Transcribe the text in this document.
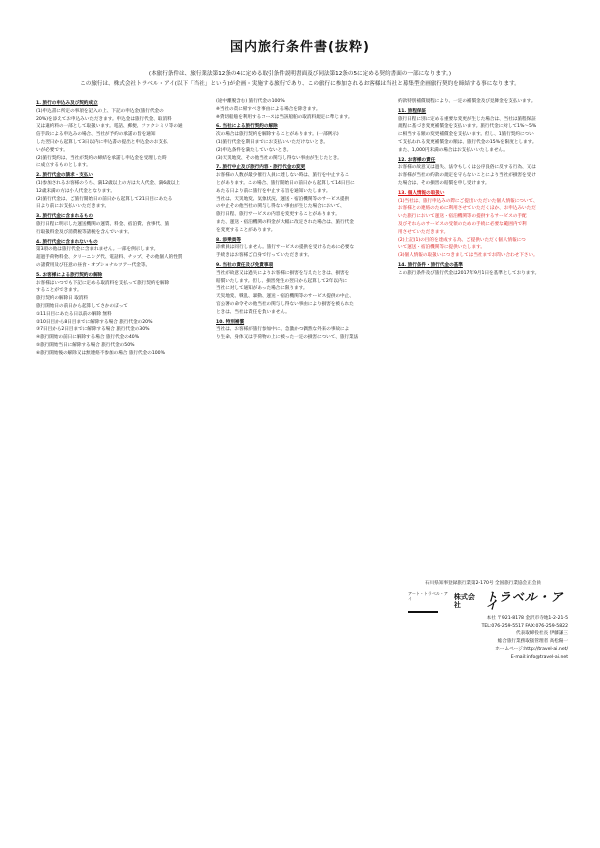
国内旅行条件書(抜粋)
(本旅行条件は、旅行業法第12条の4に定める取引条件説明書面及び同法第12条の5に定める契約書面の一部になります。)
この旅行は、株式会社トラベル・アイ(以下「当社」という)が企画・実施する旅行であり、この旅行に参加されるお客様は当社と募集型企画旅行契約を締結する事になります。
1. 旅行の申込み及び契約成立
(1)申込書に所定の事項を記入の上、下記の申込金(旅行代金の
20%)を添えてお申込みいただきます。申込金は旅行代金、取消料
又は違約料の一部として取扱います。電話、郵便、ファクシミリ等の通
信手段による申込みの場合、当社が予約の承諾の旨を通知
した翌日から起算して3日以内に申込書の提出と申込金のお支払
いが必要です。
(2)旅行契約は、当社が契約の締結を承諾し申込金を受理した時
に成立するものとします。
2. 旅行代金の請求・支払い
(1)参加されるお客様のうち、満12歳以上の方は大人代金、満6歳以上
12歳未満の方は小人代金となります。
(2)旅行代金は、ご旅行開始日の前日から起算して21日目にあたる
日より前にお支払いいただきます。
3. 旅行代金に含まれるもの
旅行日程に明示した運送機関の運賃、料金、宿泊費、食事代、旅
行取扱料金及び消費税等諸税を含んでいます。
4. 旅行代金に含まれないもの
第3項の他は旅行代金に含まれません。一部を例示します。
超過手荷物料金、クリーニング代、電話料、チップ、その他個人的性質
の諸費用及び任意の昼食・オプショナルツアー代金等。
5. お客様による旅行契約の解除
お客様はいつでも下記に定める取消料を支払って旅行契約を解除
することができます。
旅行契約の解除日 取消料
旅行開始日の前日から起算してさかのぼって
①11日目にあたる日以前の解除 無料
②10日目から8日目までに解除する場合 旅行代金の20%
③7日目から2日目までに解除する場合 旅行代金の30%
④旅行開始の前日に解除する場合 旅行代金の40%
⑤旅行開始当日に解除する場合 旅行代金の50%
⑥旅行開始後の解除又は無連絡不参加の場合 旅行代金の100%
(途中離脱含む) 旅行代金の100%
※当社の責に帰すべき事由による場合を除きます。
※貸切船舶を利用するコースは当該船舶の取消料規定に準じます。
6. 当社による旅行契約の解除
次の場合は旅行契約を解除することがあります。(一部例示)
(1)旅行代金を期日までにお支払いいただけないとき。
(2)申込条件を満たしていないとき。
(3)天災地変、その他当社の関与し得ない事由が生じたとき。
7. 旅行中止及び旅行内容・旅行代金の変更
お客様の人数が最少催行人員に達しない時は、旅行を中止するこ
とがあります。この場合、旅行開始日の前日から起算して14日目に
あたる日より前に旅行を中止する旨を通知いたします。
当社は、天災地変、気象状況、運送・宿泊機関等のサービス提供
の中止その他当社の関与し得ない事由が生じた場合において、
旅行日程、旅行サービスの内容を変更することがあります。
また、運送・宿泊機関の料金が大幅に改定された場合は、旅行代金
を変更することがあります。
8. 添乗員等
添乗員は同行しません。旅行サービスの提供を受けるために必要な
手続きはお客様ご自身で行っていただきます。
9. 当社の責任及び免責事項
当社が故意又は過失によりお客様に損害を与えたときは、損害を
賠償いたします。但し、損害発生の翌日から起算して2年以内に
当社に対して通知があった場合に限ります。
天災地変、戦乱、暴動、運送・宿泊機関等のサービス提供の中止、
官公署の命令その他当社の関与し得ない事由により損害を被られた
ときは、当社は責任を負いません。
10. 特別補償
当社は、お客様が旅行参加中に、急激かつ偶然な外来の事故によ
り生命、身体又は手荷物の上に被った一定の損害について、旅行業法
約款特別補償規程により、一定の補償金及び見舞金を支払います。
11. 旅程保証
旅行日程に別に定める重要な変更が生じた場合は、当社は旅程保証
規程に基づき変更補償金を支払います。旅行代金に対して1%〜5%
に相当する額の変更補償金を支払います。但し、1旅行契約につい
て支払われる変更補償金の額は、旅行代金の15%を限度とします。
また、1,000円未満の場合はお支払いいたしません。
12. お客様の責任
お客様の故意又は過失、法令もしくは公序良俗に反する行為、又は
お客様が当社の約款の規定を守らないことにより当社が損害を受け
た場合は、その損害の賠償を申し受けます。
13. 個人情報の取扱い
(1)当社は、旅行申込みの際にご提出いただいた個人情報について、
お客様との連絡のために利用させていただくほか、お申込みいただ
いた旅行において運送・宿泊機関等の提供するサービスの手配
及びそれらのサービスの受領のための手続に必要な範囲内で利
用させていただきます。
(2)上記(1)の目的を達成する為、ご提供いただく個人情報につ
いて運送・宿泊機関等に提供いたします。
(3)個人情報の取扱いにつきましては当社までお問い合わせ下さい。
14. 旅行条件・旅行代金の基準
この旅行条件及び旅行代金は2017年9月1日を基準としております。
石川県知事登録旅行業第2-170号 全国旅行業協会正会員
アート・トラベル・アイ	株式会社
トラベル・アイ
本社 〒921-8178 金沢市寺地1-2-21-5
TEL:076-259-5517 FAX:076-259-5822
代表取締役社長 伊藤謙三
総合旅行業務取扱管理者 高松陽一
ホームページ:http://travel-ai.net/
E-mail:info@travel-ai.net
